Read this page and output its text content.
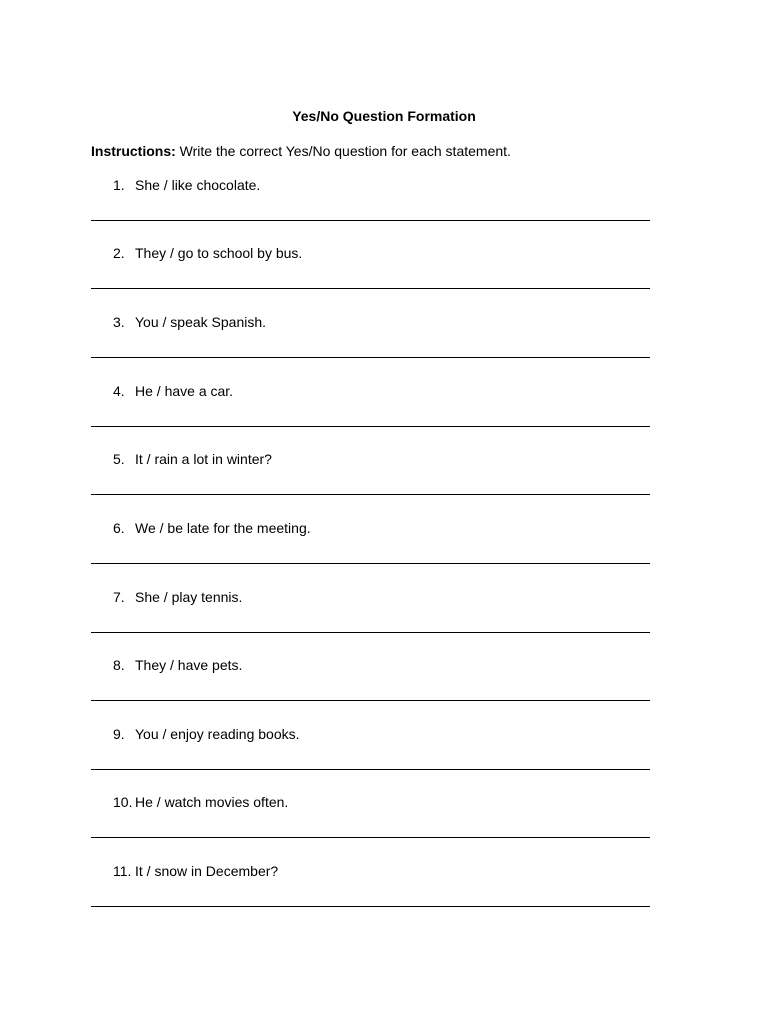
Yes/No Question Formation
Instructions: Write the correct Yes/No question for each statement.
1. She / like chocolate.
2. They / go to school by bus.
3. You / speak Spanish.
4. He / have a car.
5. It / rain a lot in winter?
6. We / be late for the meeting.
7. She / play tennis.
8. They / have pets.
9. You / enjoy reading books.
10. He / watch movies often.
11. It / snow in December?
